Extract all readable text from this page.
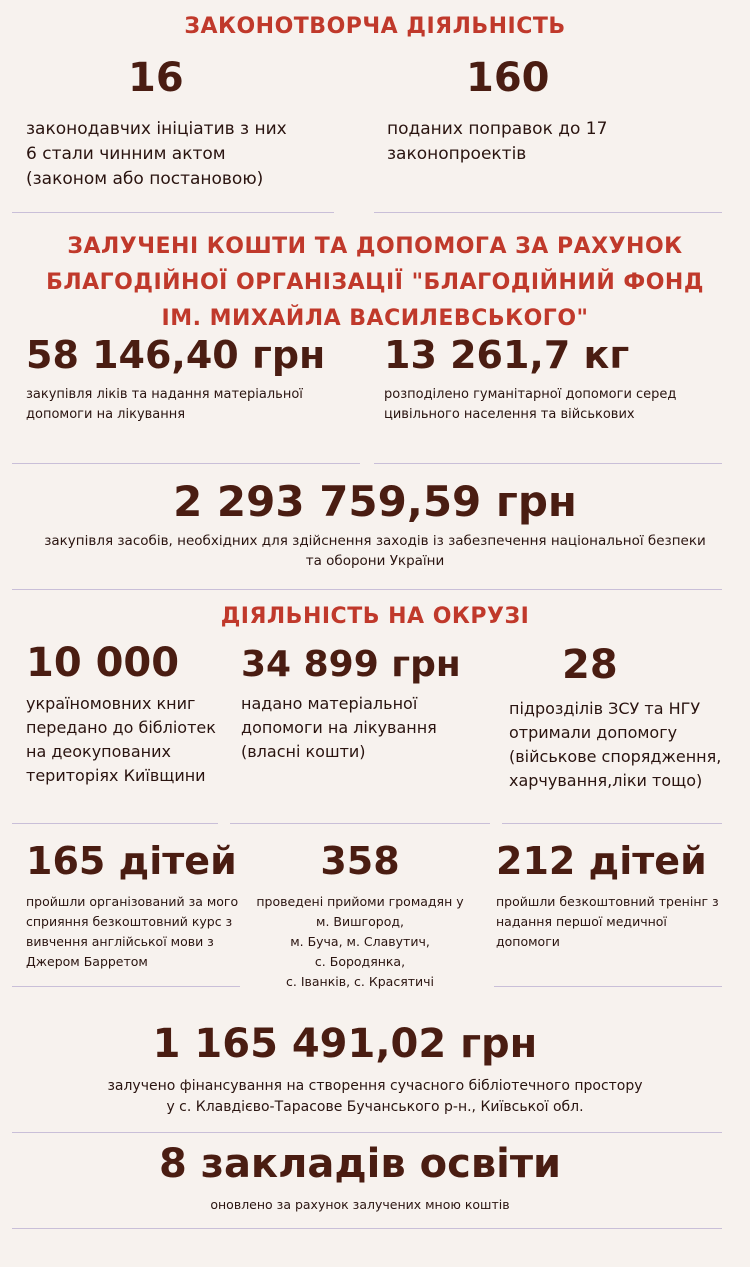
ЗАКОНОТВОРЧА ДІЯЛЬНІСТЬ
16
законодавчих ініціатив з них
6 стали чинним актом
(законом або постановою)
160
поданих поправок до 17
законопроектів
ЗАЛУЧЕНІ КОШТИ ТА ДОПОМОГА ЗА РАХУНОК
БЛАГОДІЙНОЇ ОРГАНІЗАЦІЇ "БЛАГОДІЙНИЙ ФОНД
ІМ. МИХАЙЛА ВАСИЛЕВСЬКОГО"
58 146,40 грн
закупівля ліків та надання матеріальної
допомоги на лікування
13 261,7 кг
розподілено гуманітарної допомоги серед
цивільного населення та військових
2 293 759,59 грн
закупівля засобів, необхідних для здійснення заходів із забезпечення національної безпеки
та оборони України
ДІЯЛЬНІСТЬ НА ОКРУЗІ
10 000
україномовних книг
передано до бібліотек
на деокупованих
територіях Київщини
34 899 грн
надано матеріальної
допомоги на лікування
(власні кошти)
28
підрозділів ЗСУ та НГУ
отримали допомогу
(військове спорядження,
харчування,ліки тощо)
165 дітей
пройшли організований за мого
сприяння безкоштовний курс з
вивчення англійської мови з
Джером Барретом
358
проведені прийоми громадян у
м. Вишгород,
м. Буча, м. Славутич,
с. Бородянка,
с. Іванків, с. Красятичі
212 дітей
пройшли безкоштовний тренінг з
надання першої медичної
допомоги
1 165 491,02 грн
залучено фінансування на створення сучасного бібліотечного простору
у с. Клавдієво-Тарасове Бучанського р-н., Київської обл.
8 закладів освіти
оновлено за рахунок залучених мною коштів
